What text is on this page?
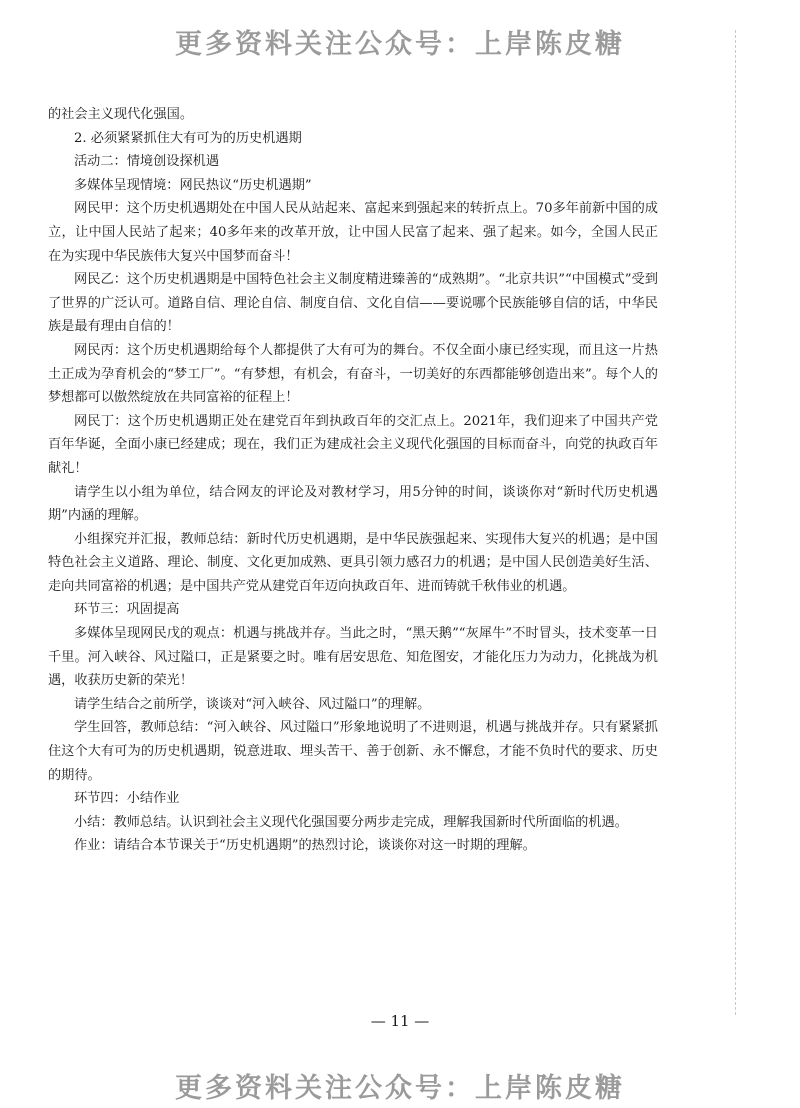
更多资料关注公众号：上岸陈皮糖

的社会主义现代化强国。

2. 必须紧紧抓住大有可为的历史机遇期

活动二：情境创设探机遇

多媒体呈现情境：网民热议“历史机遇期”

网民甲：这个历史机遇期处在中国人民从站起来、富起来到强起来的转折点上。70多年前新中国的成立，让中国人民站了起来；40多年来的改革开放，让中国人民富了起来、强了起来。如今，全国人民正在为实现中华民族伟大复兴中国梦而奋斗！

网民乙：这个历史机遇期是中国特色社会主义制度精进臻善的“成熟期”。“北京共识”“中国模式”受到了世界的广泛认可。道路自信、理论自信、制度自信、文化自信——要说哪个民族能够自信的话，中华民族是最有理由自信的！

网民丙：这个历史机遇期给每个人都提供了大有可为的舞台。不仅全面小康已经实现，而且这一片热土正成为孕育机会的“梦工厂”。“有梦想，有机会，有奋斗，一切美好的东西都能够创造出来”。每个人的梦想都可以傲然绽放在共同富裕的征程上！

网民丁：这个历史机遇期正处在建党百年到执政百年的交汇点上。2021年，我们迎来了中国共产党百年华诞，全面小康已经建成；现在，我们正为建成社会主义现代化强国的目标而奋斗，向党的执政百年献礼！

请学生以小组为单位，结合网友的评论及对教材学习，用5分钟的时间，谈谈你对“新时代历史机遇期”内涵的理解。

小组探究并汇报，教师总结：新时代历史机遇期，是中华民族强起来、实现伟大复兴的机遇；是中国特色社会主义道路、理论、制度、文化更加成熟、更具引领力感召力的机遇；是中国人民创造美好生活、走向共同富裕的机遇；是中国共产党从建党百年迈向执政百年、进而铸就千秋伟业的机遇。

环节三：巩固提高

多媒体呈现网民戊的观点：机遇与挑战并存。当此之时，“黑天鹅”“灰犀牛”不时冒头，技术变革一日千里。河入峡谷、风过隘口，正是紧要之时。唯有居安思危、知危图安，才能化压力为动力，化挑战为机遇，收获历史新的荣光！

请学生结合之前所学，谈谈对“河入峡谷、风过隘口”的理解。

学生回答，教师总结：“河入峡谷、风过隘口”形象地说明了不进则退，机遇与挑战并存。只有紧紧抓住这个大有可为的历史机遇期，锐意进取、埋头苦干、善于创新、永不懈怠，才能不负时代的要求、历史的期待。

环节四：小结作业

小结：教师总结。认识到社会主义现代化强国要分两步走完成，理解我国新时代所面临的机遇。

作业：请结合本节课关于“历史机遇期”的热烈讨论，谈谈你对这一时期的理解。

— 11 —
更多资料关注公众号：上岸陈皮糖
